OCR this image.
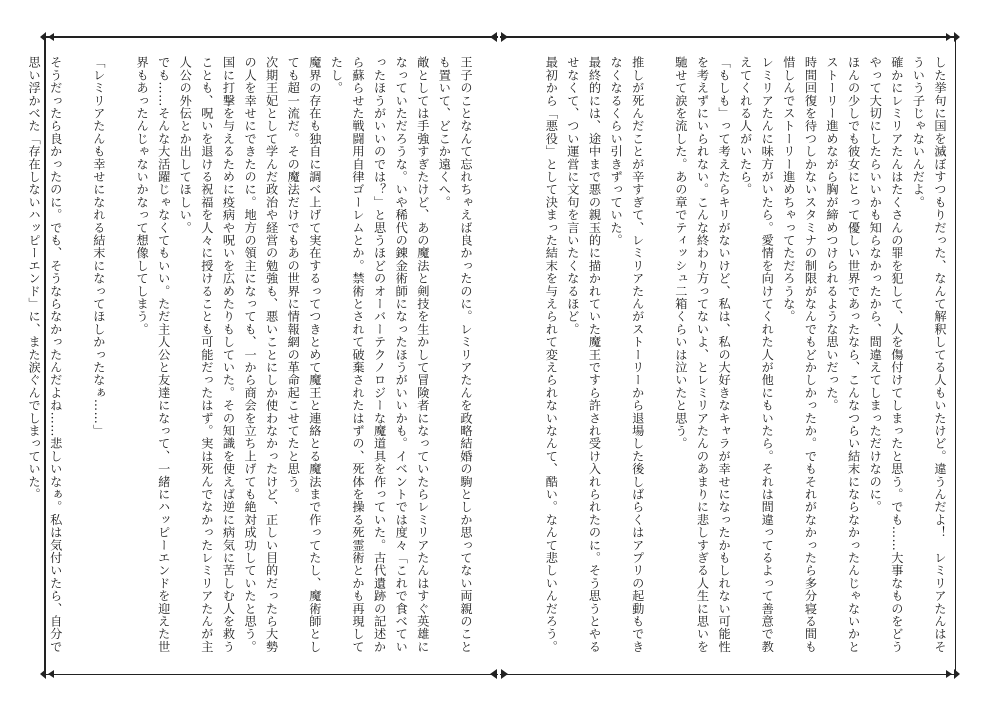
した挙句に国を滅ぼすつもりだった、なんて解釈してる人もいたけど。違うんだよ！　レミリアたんはそういう子じゃないんだよ。

確かにレミリアたんはたくさんの罪を犯して、人を傷付けてしまったと思う。でも……大事なものをどうやって大切にしたらいいかも知らなかったから、間違えてしまっただけなのに。

ほんの少しでも彼女にとって優しい世界であったなら、こんなつらい結末にならなかったんじゃないかとストーリー進めながら胸が締めつけられるような思いだった。

時間回復を待つしかないスタミナの制限がなんでもどかしかったか。でもそれがなかったら多分寝る間も惜しんでストーリー進めちゃってただろうな。

レミリアたんに味方がいたら。愛情を向けてくれた人が他にもいたら。それは間違ってるよって善意で教えてくれる人がいたら。

「もしも」って考えたらキリがないけど、私は、私の大好きなキャラが幸せになったかもしれない可能性を考えずにいられない。こんな終わり方ってないよ、とレミリアたんのあまりに悲しすぎる人生に思いを馳せて涙を流した。あの章でティッシュ二箱くらいは泣いたと思う。

推しが死んだことが辛すぎて、レミリアたんがストーリーから退場した後しばらくはアプリの起動もできなくなるくらい引きずっていた。

最終的には、途中まで悪の親玉的に描かれていた魔王ですら許され受け入れられたのに。そう思うとやるせなくて、つい運営に文句を言いたくなるほど。

最初から「悪役」として決まった結末を与えられて変えられないなんて、酷い。なんて悲しいんだろう。

王子のことなんて忘れちゃえば良かったのに。レミリアたんを政略結婚の駒としか思ってない両親のことも置いて、どこか遠くへ。

敵としては手強すぎたけど、あの魔法と剣技を生かして冒険者になっていたらレミリアたんはすぐ英雄になっていただろうな。いや稀代の錬金術師になったほうがいいかも。イベントでは度々「これで食べていったほうがいいのでは？」と思うほどのオーバーテクノロジーな魔道具を作っていた。古代遺跡の記述から蘇らせた戦闘用自律ゴーレムとか。禁術とされて破棄されたはずの、死体を操る死霊術とかも再現してたし。

魔界の存在も独自に調べ上げて実在するってつきとめて魔王と連絡とる魔法まで作ってたし、魔術師としても超一流だ。その魔法だけでもあの世界に情報網の革命起こせてたと思う。

次期王妃として学んだ政治や経営の勉強も、悪いことにしか使わなかったけど、正しい目的だったら大勢の人を幸せにできたのに。地方の領主になっても、一から商会を立ち上げても絶対成功していたと思う。

国に打撃を与えるために疫病や呪いを広めたりもしていた。その知識を使えば逆に病気に苦しむ人を救うことも、呪いを退ける祝福を人々に授けることも可能だったはず。実は死んでなかったレミリアたんが主人公の外伝とか出してほしい。

でも……そんな大活躍じゃなくてもいい。ただ主人公と友達になって、一緒にハッピーエンドを迎えた世界もあったんじゃないかなって想像してしまう。

「レミリアたんも幸せになれる結末になってほしかったなぁ……」

そうだったら良かったのに。でも、そうならなかったんだよね……悲しいなぁ。私は気付いたら、自分で思い浮かべた「存在しないハッピーエンド」に、また涙ぐんでしまっていた。
